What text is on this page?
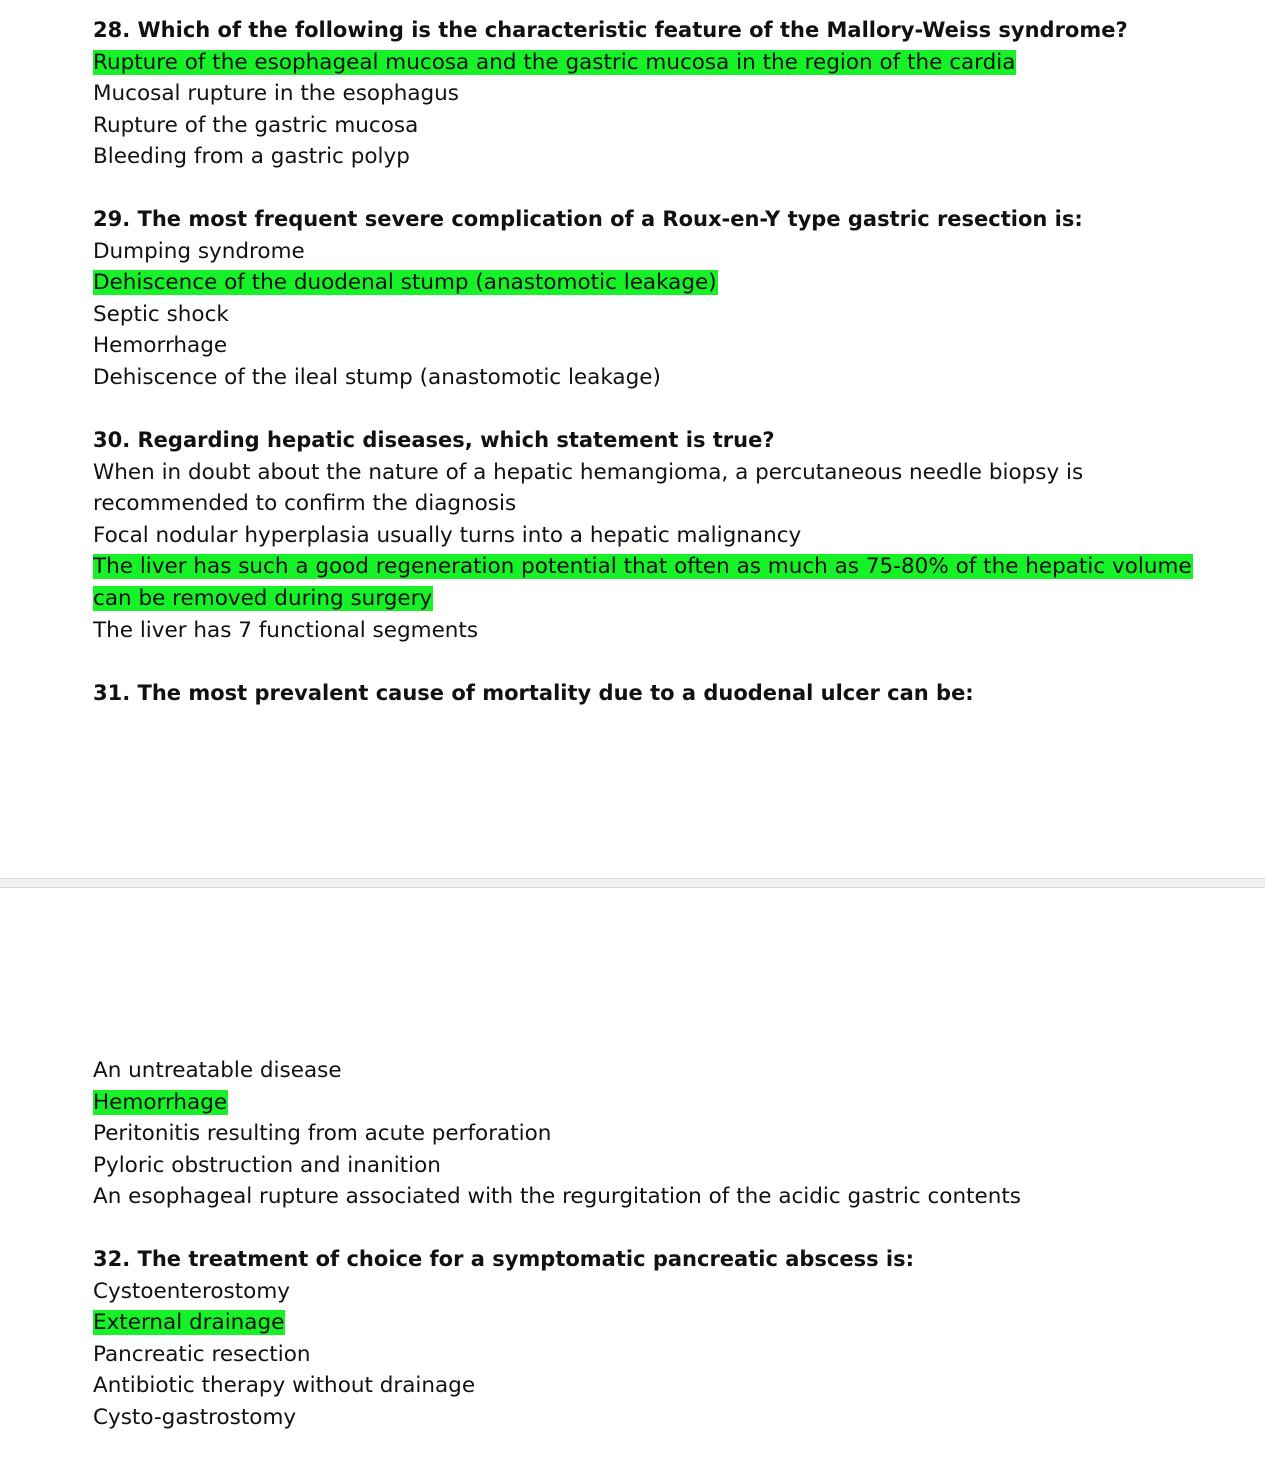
28. Which of the following is the characteristic feature of the Mallory-Weiss syndrome?
Rupture of the esophageal mucosa and the gastric mucosa in the region of the cardia
Mucosal rupture in the esophagus
Rupture of the gastric mucosa
Bleeding from a gastric polyp
29. The most frequent severe complication of a Roux-en-Y type gastric resection is:
Dumping syndrome
Dehiscence of the duodenal stump (anastomotic leakage)
Septic shock
Hemorrhage
Dehiscence of the ileal stump (anastomotic leakage)
30. Regarding hepatic diseases, which statement is true?
When in doubt about the nature of a hepatic hemangioma, a percutaneous needle biopsy is
recommended to confirm the diagnosis
Focal nodular hyperplasia usually turns into a hepatic malignancy
The liver has such a good regeneration potential that often as much as 75-80% of the hepatic volume
can be removed during surgery
The liver has 7 functional segments
31. The most prevalent cause of mortality due to a duodenal ulcer can be:
An untreatable disease
Hemorrhage
Peritonitis resulting from acute perforation
Pyloric obstruction and inanition
An esophageal rupture associated with the regurgitation of the acidic gastric contents
32. The treatment of choice for a symptomatic pancreatic abscess is:
Cystoenterostomy
External drainage
Pancreatic resection
Antibiotic therapy without drainage
Cysto-gastrostomy
